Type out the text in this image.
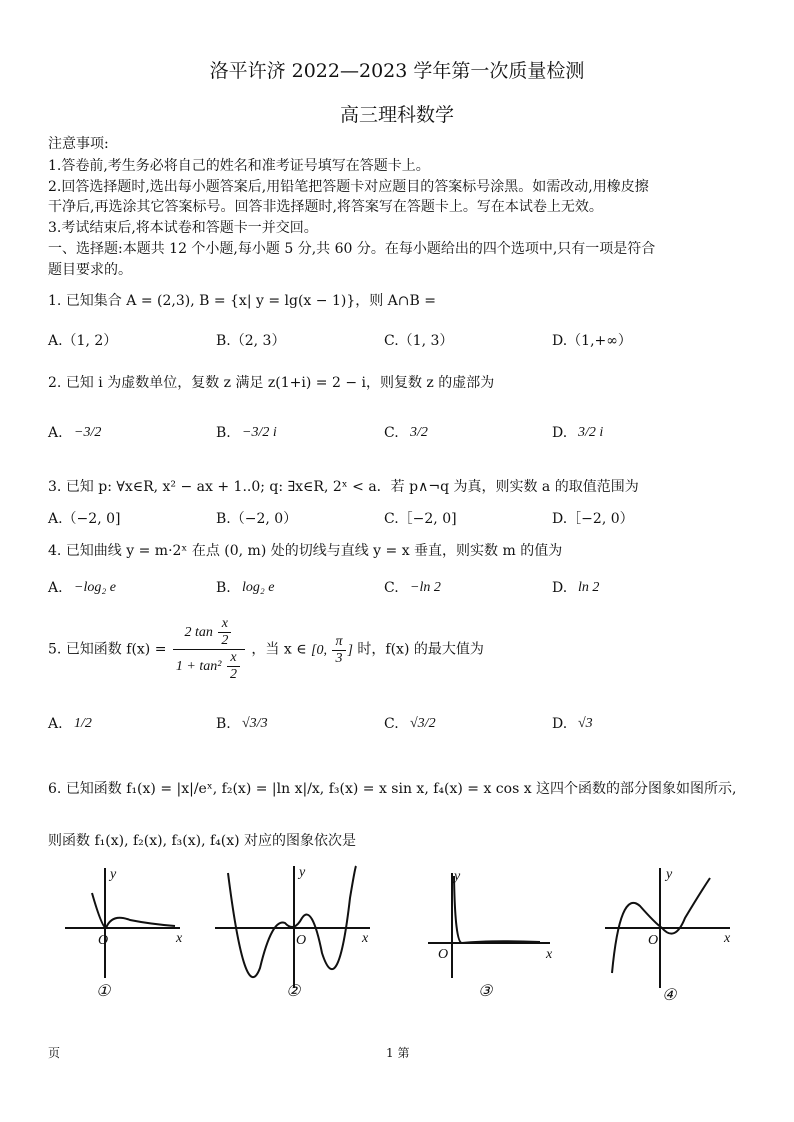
洛平许济 2022—2023 学年第一次质量检测
高三理科数学
注意事项:
1.答卷前,考生务必将自己的姓名和准考证号填写在答题卡上。
2.回答选择题时,选出每小题答案后,用铅笔把答题卡对应题目的答案标号涂黑。如需改动,用橡皮擦
干净后,再选涂其它答案标号。回答非选择题时,将答案写在答题卡上。写在本试卷上无效。
3.考试结束后,将本试卷和答题卡一并交回。
一、选择题:本题共 12 个小题,每小题 5 分,共 60 分。在每小题给出的四个选项中,只有一项是符合
题目要求的。
1. 已知集合 A = (2,3), B = {x| y = lg(x − 1)}，则 A∩B =
A.（1, 2）	B.（2, 3）	C.（1, 3）	D.（1,+∞）
2. 已知 i 为虚数单位，复数 z 满足 z(1+i) = 2 − i，则复数 z 的虚部为
A. −3/2	B. −3/2 i	C. 3/2	D. 3/2 i
3. 已知 p: ∀x∈R, x² − ax + 1..0; q: ∃x∈R, 2ˣ < a．若 p∧¬q 为真，则实数 a 的取值范围为
A.（−2, 0]	B.（−2, 0）	C.［−2, 0]	D.［−2, 0）
4. 已知曲线 y = m·2ˣ 在点 (0, m) 处的切线与直线 y = x 垂直，则实数 m 的值为
A. −log₂ e	B. log₂ e	C. −ln 2	D. ln 2
5. 已知函数 $f(x) = \frac{2 \tan \frac{x}{2}}{1 + \tan^2 \frac{x}{2}}$ ，当 x ∈ [0, $\frac{\pi}{3}$ ] 时，f(x) 的最大值为
A. 1/2	B. √3/3	C. √3/2	D. √3
6. 已知函数 f₁(x) = |x|/eˣ, f₂(x) = |ln x|/x, f₃(x) = x sin x, f₄(x) = x cos x 这四个函数的部分图象如图所示,
则函数 f₁(x), f₂(x), f₃(x), f₄(x) 对应的图象依次是
y
x
O
y
x
O
y
x
O
y
x
O
①	②	③	④
页	1 第
